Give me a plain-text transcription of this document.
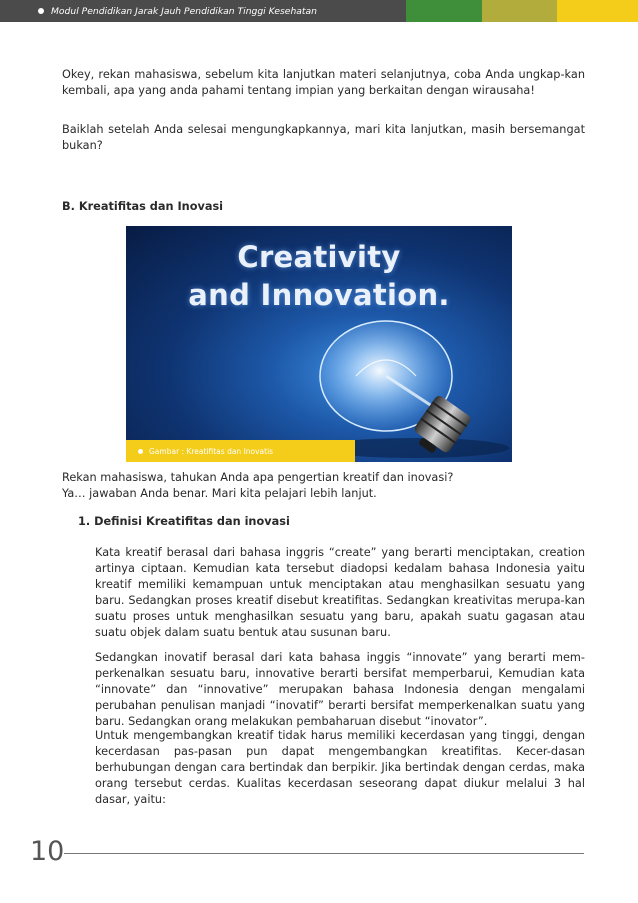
Modul Pendidikan Jarak Jauh Pendidikan Tinggi Kesehatan

Okey, rekan mahasiswa, sebelum kita lanjutkan materi selanjutnya, coba Anda ungkap-kan kembali, apa yang anda pahami tentang impian yang berkaitan dengan wirausaha!

Baiklah setelah Anda selesai mengungkapkannya, mari kita lanjutkan, masih bersemangat bukan?

B. Kreatifitas dan Inovasi

Creativity
and Innovation.
Gambar : Kreatifitas dan Inovatis

Rekan mahasiswa, tahukan Anda apa pengertian kreatif dan inovasi?

Ya… jawaban Anda benar. Mari kita pelajari lebih lanjut.

1. Definisi Kreatifitas dan inovasi

Kata kreatif berasal dari bahasa inggris “create” yang berarti menciptakan, creation artinya ciptaan. Kemudian kata tersebut diadopsi kedalam bahasa Indonesia yaitu kreatif memiliki kemampuan untuk menciptakan atau menghasilkan sesuatu yang baru. Sedangkan proses kreatif disebut kreatifitas. Sedangkan kreativitas merupa-kan suatu proses untuk menghasilkan sesuatu yang baru, apakah suatu gagasan atau suatu objek dalam suatu bentuk atau susunan baru.

Sedangkan inovatif berasal dari kata bahasa inggis “innovate” yang berarti mem-perkenalkan sesuatu baru, innovative berarti bersifat memperbarui, Kemudian kata “innovate” dan “innovative” merupakan bahasa Indonesia dengan mengalami perubahan penulisan manjadi “inovatif” berarti bersifat memperkenalkan suatu yang baru. Sedangkan orang melakukan pembaharuan disebut “inovator”.

Untuk mengembangkan kreatif tidak harus memiliki kecerdasan yang tinggi, dengan kecerdasan pas-pasan pun dapat mengembangkan kreatifitas. Kecer-dasan berhubungan dengan cara bertindak dan berpikir. Jika bertindak dengan cerdas, maka orang tersebut cerdas. Kualitas kecerdasan seseorang dapat diukur melalui 3 hal dasar, yaitu:

10
